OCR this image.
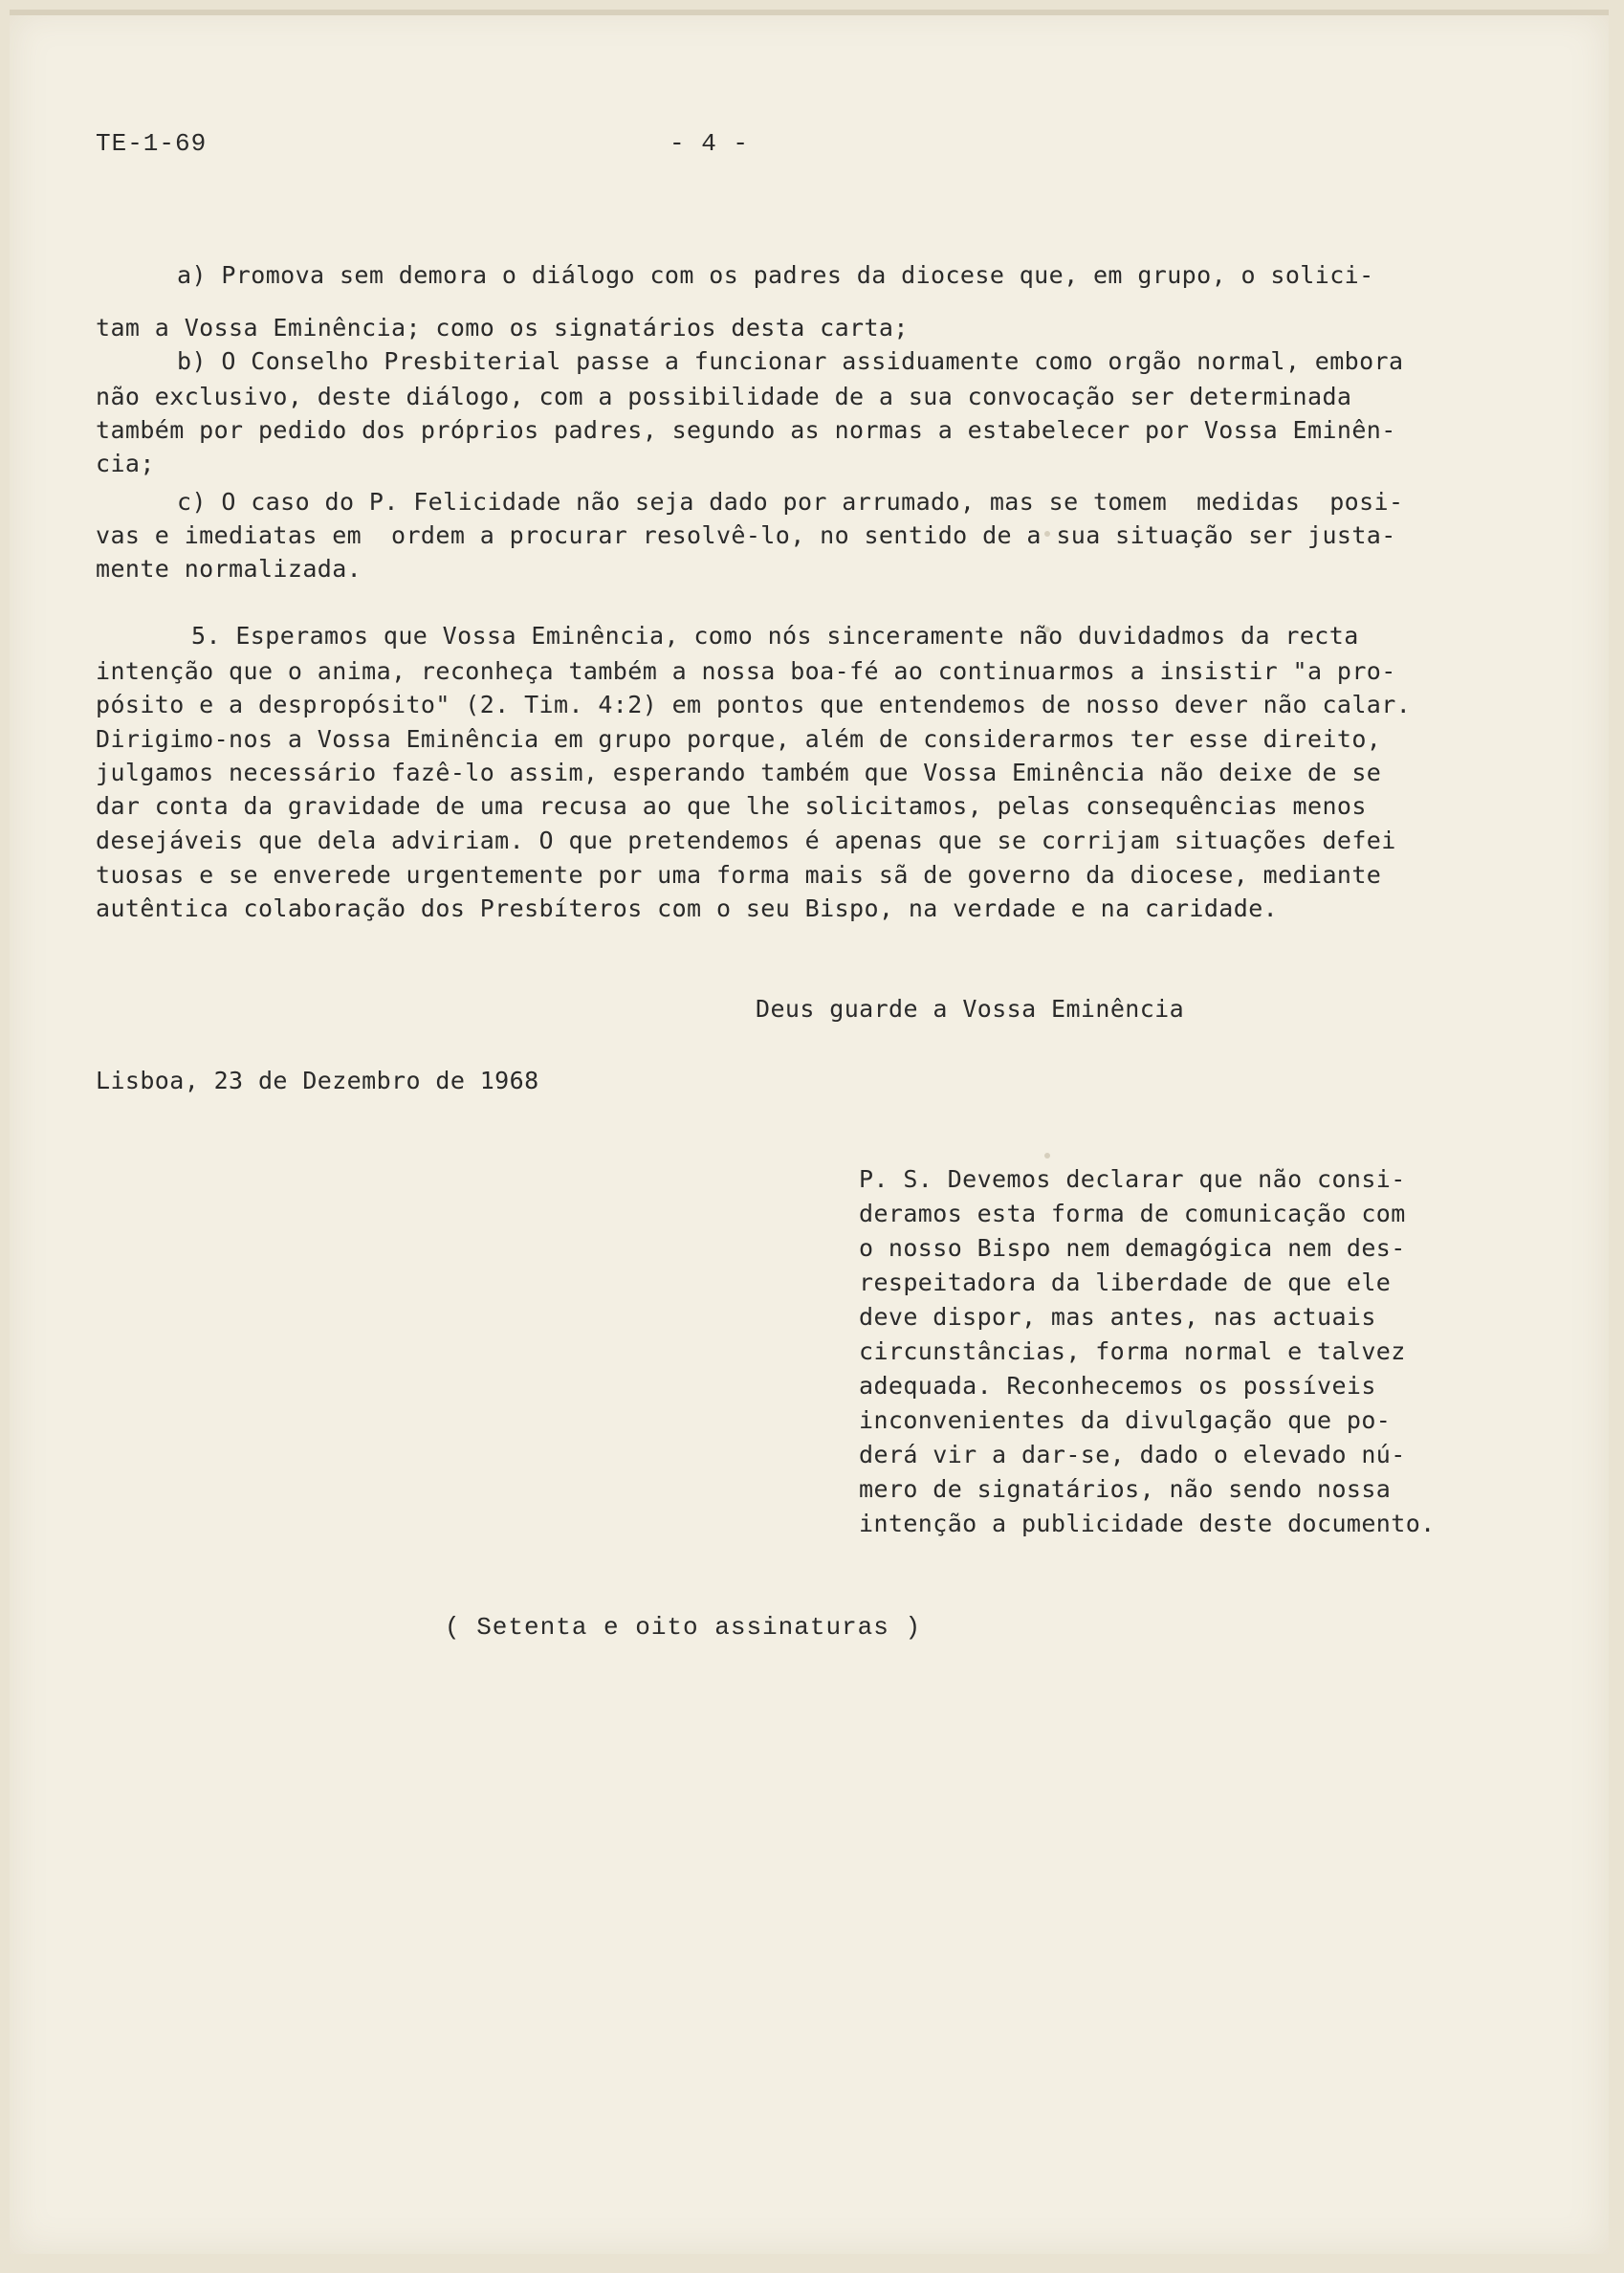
TE-1-69	- 4 -
a) Promova sem demora o diálogo com os padres da diocese que, em grupo, o solici-
tam a Vossa Eminência; como os signatários desta carta;
b) O Conselho Presbiterial passe a funcionar assiduamente como orgão normal, embora
não exclusivo, deste diálogo, com a possibilidade de a sua convocação ser determinada
também por pedido dos próprios padres, segundo as normas a estabelecer por Vossa Eminên-
cia;
c) O caso do P. Felicidade não seja dado por arrumado, mas se tomem  medidas  posi-
vas e imediatas em  ordem a procurar resolvê-lo, no sentido de a sua situação ser justa-
mente normalizada.
5. Esperamos que Vossa Eminência, como nós sinceramente não duvidadmos da recta
intenção que o anima, reconheça também a nossa boa-fé ao continuarmos a insistir "a pro-
pósito e a despropósito" (2. Tim. 4:2) em pontos que entendemos de nosso dever não calar.
Dirigimo-nos a Vossa Eminência em grupo porque, além de considerarmos ter esse direito,
julgamos necessário fazê-lo assim, esperando também que Vossa Eminência não deixe de se
dar conta da gravidade de uma recusa ao que lhe solicitamos, pelas consequências menos
desejáveis que dela adviriam. O que pretendemos é apenas que se corrijam situações defei
tuosas e se enverede urgentemente por uma forma mais sã de governo da diocese, mediante
autêntica colaboração dos Presbíteros com o seu Bispo, na verdade e na caridade.
Deus guarde a Vossa Eminência
Lisboa, 23 de Dezembro de 1968
P. S. Devemos declarar que não consi-
deramos esta forma de comunicação com
o nosso Bispo nem demagógica nem des-
respeitadora da liberdade de que ele
deve dispor, mas antes, nas actuais
circunstâncias, forma normal e talvez
adequada. Reconhecemos os possíveis
inconvenientes da divulgação que po-
derá vir a dar-se, dado o elevado nú-
mero de signatários, não sendo nossa
intenção a publicidade deste documento.
( Setenta e oito assinaturas )
